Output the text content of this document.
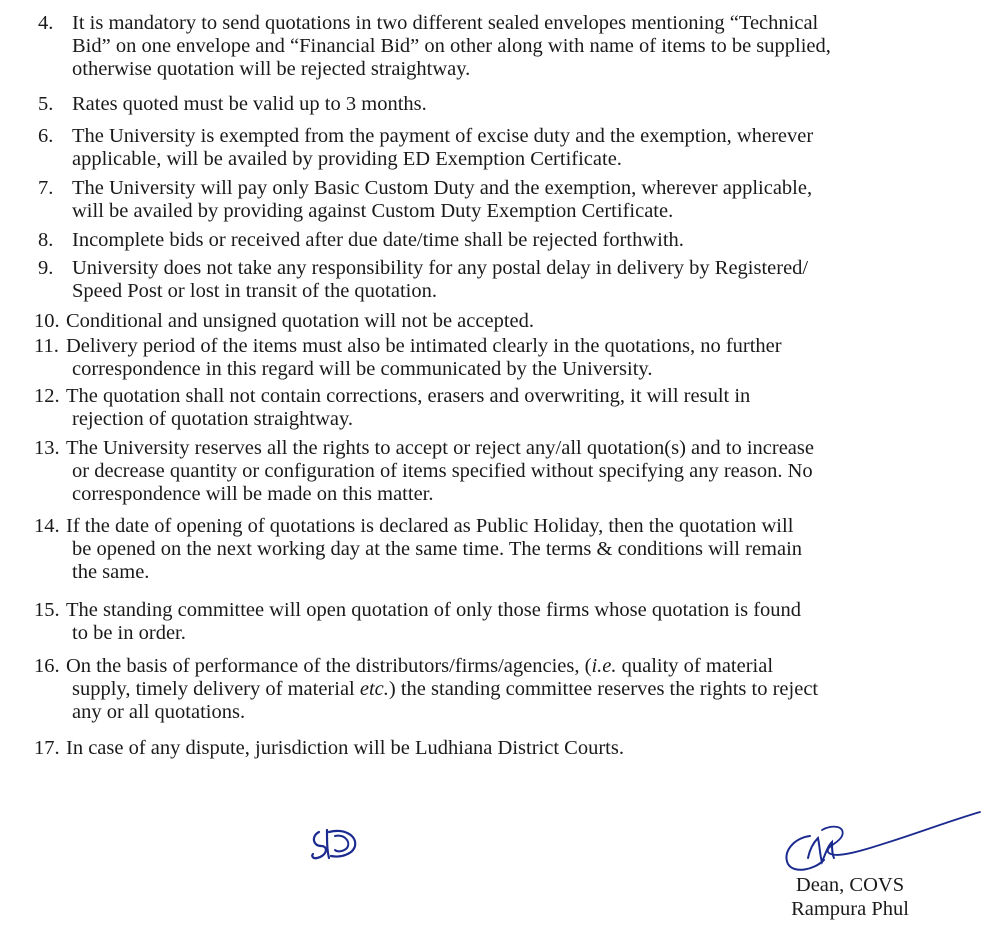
4. It is mandatory to send quotations in two different sealed envelopes mentioning “Technical
Bid” on one envelope and “Financial Bid” on other along with name of items to be supplied,
otherwise quotation will be rejected straightway.
5. Rates quoted must be valid up to 3 months.
6. The University is exempted from the payment of excise duty and the exemption, wherever
applicable, will be availed by providing ED Exemption Certificate.
7. The University will pay only Basic Custom Duty and the exemption, wherever applicable,
will be availed by providing against Custom Duty Exemption Certificate.
8. Incomplete bids or received after due date/time shall be rejected forthwith.
9. University does not take any responsibility for any postal delay in delivery by Registered/
Speed Post or lost in transit of the quotation.
10. Conditional and unsigned quotation will not be accepted.
11. Delivery period of the items must also be intimated clearly in the quotations, no further
correspondence in this regard will be communicated by the University.
12. The quotation shall not contain corrections, erasers and overwriting, it will result in
rejection of quotation straightway.
13. The University reserves all the rights to accept or reject any/all quotation(s) and to increase
or decrease quantity or configuration of items specified without specifying any reason. No
correspondence will be made on this matter.
14. If the date of opening of quotations is declared as Public Holiday, then the quotation will
be opened on the next working day at the same time. The terms & conditions will remain
the same.
15. The standing committee will open quotation of only those firms whose quotation is found
to be in order.
16. On the basis of performance of the distributors/firms/agencies, (i.e. quality of material
supply, timely delivery of material etc.) the standing committee reserves the rights to reject
any or all quotations.
17. In case of any dispute, jurisdiction will be Ludhiana District Courts.
Dean, COVS
Rampura Phul
